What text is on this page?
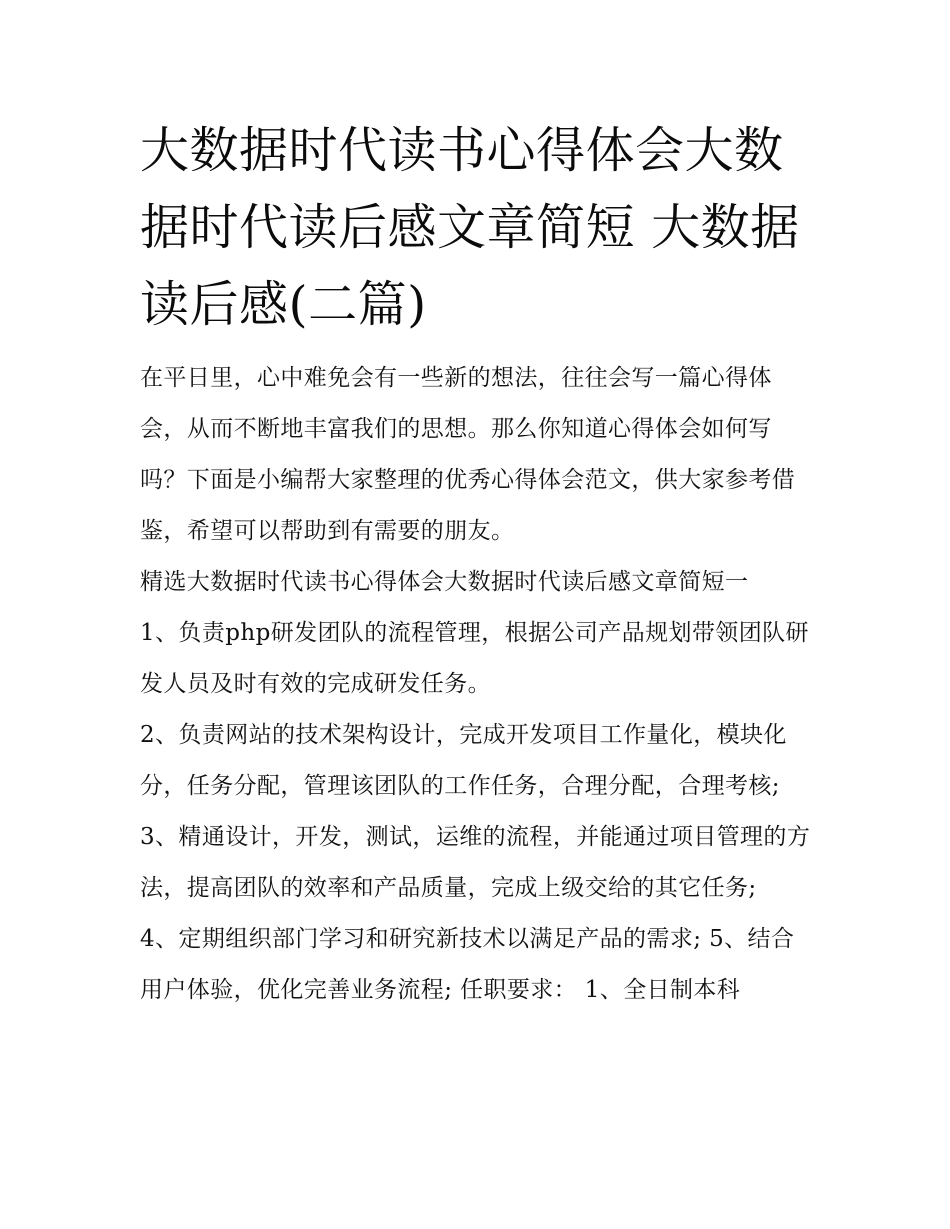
大数据时代读书心得体会大数据时代读后感文章简短 大数据读后感(二篇)

在平日里，心中难免会有一些新的想法，往往会写一篇心得体会，从而不断地丰富我们的思想。那么你知道心得体会如何写吗？下面是小编帮大家整理的优秀心得体会范文，供大家参考借鉴，希望可以帮助到有需要的朋友。

精选大数据时代读书心得体会大数据时代读后感文章简短一

1、负责php研发团队的流程管理，根据公司产品规划带领团队研发人员及时有效的完成研发任务。

2、负责网站的技术架构设计，完成开发项目工作量化，模块化分，任务分配，管理该团队的工作任务，合理分配，合理考核;

3、精通设计，开发，测试，运维的流程，并能通过项目管理的方法，提高团队的效率和产品质量，完成上级交给的其它任务;

4、定期组织部门学习和研究新技术以满足产品的需求; 5、结合用户体验，优化完善业务流程; 任职要求： 1、全日制本科
